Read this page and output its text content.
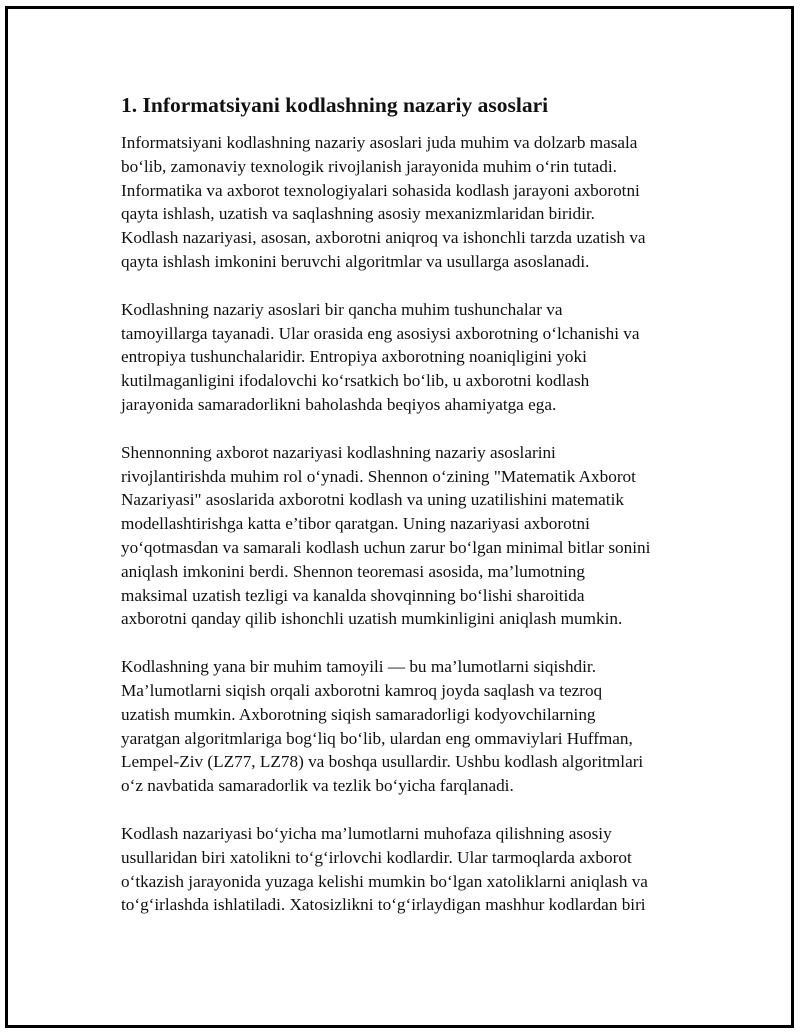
1. Informatsiyani kodlashning nazariy asoslari

Informatsiyani kodlashning nazariy asoslari juda muhim va dolzarb masala
bo‘lib, zamonaviy texnologik rivojlanish jarayonida muhim o‘rin tutadi.
Informatika va axborot texnologiyalari sohasida kodlash jarayoni axborotni
qayta ishlash, uzatish va saqlashning asosiy mexanizmlaridan biridir.
Kodlash nazariyasi, asosan, axborotni aniqroq va ishonchli tarzda uzatish va
qayta ishlash imkonini beruvchi algoritmlar va usullarga asoslanadi.

Kodlashning nazariy asoslari bir qancha muhim tushunchalar va
tamoyillarga tayanadi. Ular orasida eng asosiysi axborotning o‘lchanishi va
entropiya tushunchalaridir. Entropiya axborotning noaniqligini yoki
kutilmaganligini ifodalovchi ko‘rsatkich bo‘lib, u axborotni kodlash
jarayonida samaradorlikni baholashda beqiyos ahamiyatga ega.

Shennonning axborot nazariyasi kodlashning nazariy asoslarini
rivojlantirishda muhim rol o‘ynadi. Shennon o‘zining "Matematik Axborot
Nazariyasi" asoslarida axborotni kodlash va uning uzatilishini matematik
modellashtirishga katta e’tibor qaratgan. Uning nazariyasi axborotni
yo‘qotmasdan va samarali kodlash uchun zarur bo‘lgan minimal bitlar sonini
aniqlash imkonini berdi. Shennon teoremasi asosida, ma’lumotning
maksimal uzatish tezligi va kanalda shovqinning bo‘lishi sharoitida
axborotni qanday qilib ishonchli uzatish mumkinligini aniqlash mumkin.

Kodlashning yana bir muhim tamoyili — bu ma’lumotlarni siqishdir.
Ma’lumotlarni siqish orqali axborotni kamroq joyda saqlash va tezroq
uzatish mumkin. Axborotning siqish samaradorligi kodyovchilarning
yaratgan algoritmlariga bog‘liq bo‘lib, ulardan eng ommaviylari Huffman,
Lempel-Ziv (LZ77, LZ78) va boshqa usullardir. Ushbu kodlash algoritmlari
o‘z navbatida samaradorlik va tezlik bo‘yicha farqlanadi.

Kodlash nazariyasi bo‘yicha ma’lumotlarni muhofaza qilishning asosiy
usullaridan biri xatolikni to‘g‘irlovchi kodlardir. Ular tarmoqlarda axborot
o‘tkazish jarayonida yuzaga kelishi mumkin bo‘lgan xatoliklarni aniqlash va
to‘g‘irlashda ishlatiladi. Xatosizlikni to‘g‘irlaydigan mashhur kodlardan biri
